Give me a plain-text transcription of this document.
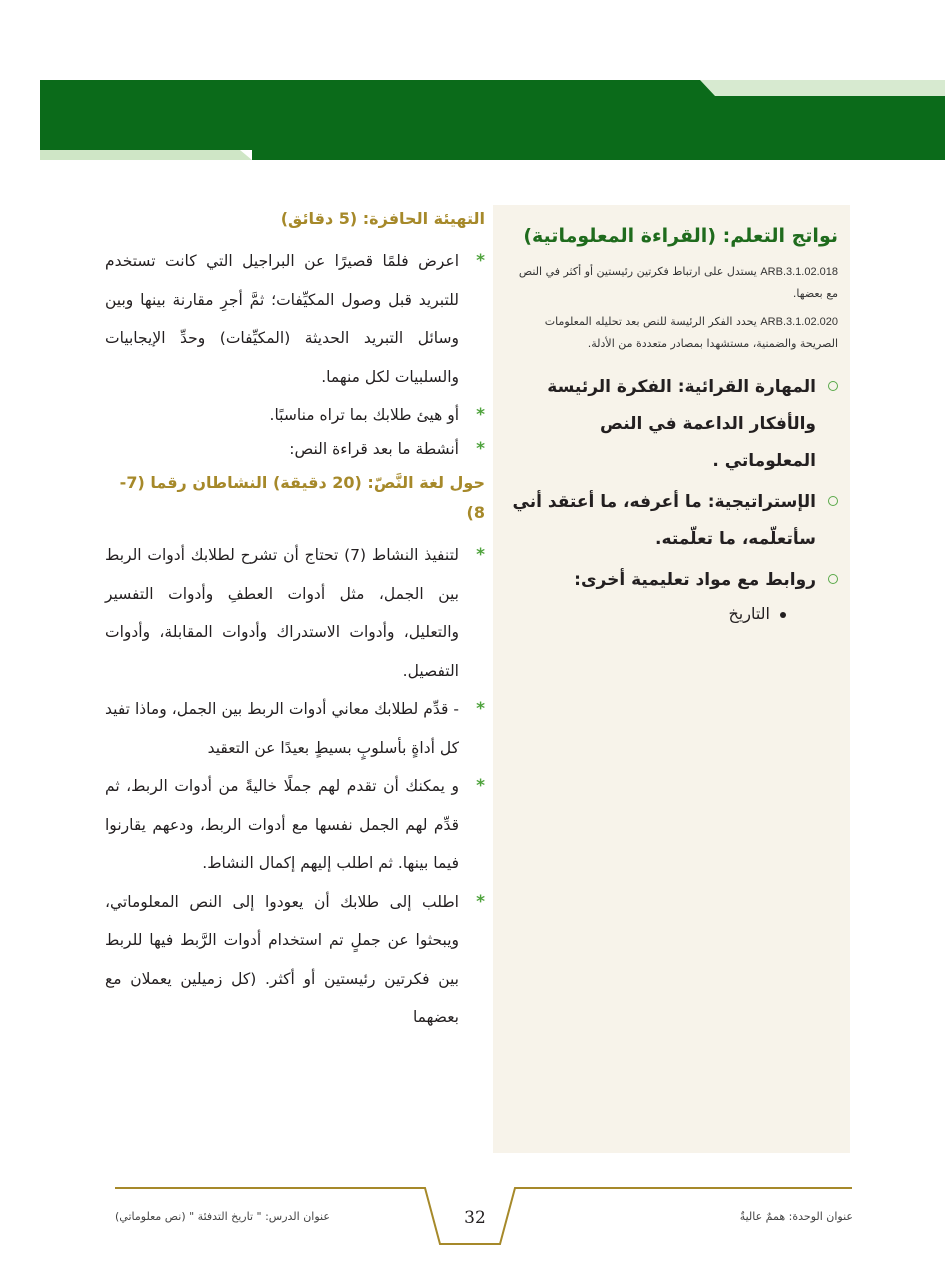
نواتج التعلم: (القراءة المعلوماتية)

ARB.3.1.02.018 يستدل على ارتباط فكرتين رئيستين أو أكثر في النص مع بعضها.

ARB.3.1.02.020 يحدد الفكر الرئيسة للنص بعد تحليله المعلومات الصريحة والضمنية، مستشهدا بمصادر متعددة من الأدلة.

المهارة القرائية: الفكرة الرئيسة والأفكار الداعمة في النص المعلوماتي .
الإستراتيجية: ما أعرفه، ما أعتقد أني سأتعلّمه، ما تعلّمته.
روابط مع مواد تعليمية أخرى:
التاريخ
التهيئة الحافزة: (5 دقائق)
*
اعرض فلمًا قصيرًا عن البراجيل التي كانت تستخدم للتبريد قبل وصول المكيِّفات؛ ثمَّ أجرِ مقارنة بينها وبين وسائل التبريد الحديثة (المكيِّفات) وحدِّ الإيجابيات والسلبيات لكل منهما.
*
أو هيئ طلابك بما تراه مناسبًا.
*
أنشطة ما بعد قراءة النص:
حول لغة النَّصّ: (20 دقيقة) النشاطان رقما (7-8)
*
لتنفيذ النشاط (7) تحتاج أن تشرح لطلابك أدوات الربط بين الجمل، مثل أدوات العطفِ وأدوات التفسير والتعليل، وأدوات الاستدراك وأدوات المقابلة، وأدوات التفصيل.
*
- قدِّم لطلابك معاني أدوات الربط بين الجمل، وماذا تفيد كل أداةٍ بأسلوبٍ بسيطٍ بعيدًا عن التعقيد
*
و يمكنك أن تقدم لهم جملًا خاليةً من أدوات الربط، ثم قدِّم لهم الجمل نفسها مع أدوات الربط، ودعهم يقارنوا فيما بينها. ثم اطلب إليهم إكمال النشاط.
*
اطلب إلى طلابك أن يعودوا إلى النص المعلوماتي، ويبحثوا عن جملٍ تم استخدام أدوات الرَّبط فيها للربط بين فكرتين رئيستين أو أكثر. (كل زميلين يعملان مع بعضهما
عنوان الوحدة: هممٌ عاليةٌ
عنوان الدرس: " تاريخ التدفئة " (نص معلوماتي)	32
